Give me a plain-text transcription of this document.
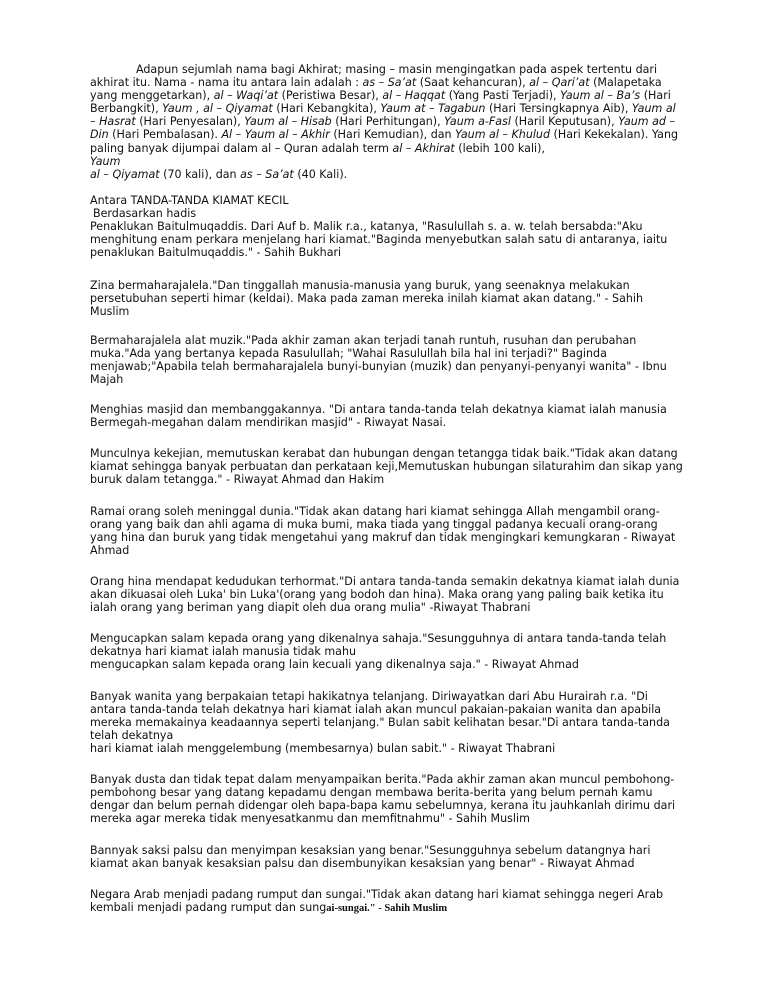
Adapun sejumlah nama bagi Akhirat; masing – masin mengingatkan pada aspek tertentu dari akhirat itu. Nama - nama itu antara lain adalah : as – Sa’at (Saat kehancuran), al – Qari’at (Malapetaka yang menggetarkan), al – Waqi’at (Peristiwa Besar), al – Haqqat (Yang Pasti Terjadi), Yaum al – Ba’s (Hari Berbangkit), Yaum , al – Qiyamat (Hari Kebangkita), Yaum at – Tagabun (Hari Tersingkapnya Aib), Yaum al – Hasrat (Hari Penyesalan), Yaum al – Hisab (Hari Perhitungan), Yaum a-Fasl (Haril Keputusan), Yaum ad – Din (Hari Pembalasan). Al – Yaum al – Akhir (Hari Kemudian), dan Yaum al – Khulud (Hari Kekekalan). Yang paling banyak dijumpai dalam al – Quran adalah term al – Akhirat (lebih 100 kali),
Yaum
al – Qiyamat (70 kali), dan as – Sa’at (40 Kali).
Antara TANDA-TANDA KIAMAT KECIL
Berdasarkan hadis

Penaklukan Baitulmuqaddis. Dari Auf b. Malik r.a., katanya, "Rasulullah s. a. w. telah bersabda:"Aku menghitung enam perkara menjelang hari kiamat."Baginda menyebutkan salah satu di antaranya, iaitu penaklukan Baitulmuqaddis." - Sahih Bukhari

Zina bermaharajalela."Dan tinggallah manusia-manusia yang buruk, yang seenaknya melakukan persetubuhan seperti himar (keldai). Maka pada zaman mereka inilah kiamat akan datang." - Sahih Muslim

Bermaharajalela alat muzik."Pada akhir zaman akan terjadi tanah runtuh, rusuhan dan perubahan muka."Ada yang bertanya kepada Rasulullah; "Wahai Rasulullah bila hal ini terjadi?" Baginda menjawab;"Apabila telah bermaharajalela bunyi-bunyian (muzik) dan penyanyi-penyanyi wanita" - Ibnu Majah

Menghias masjid dan membanggakannya. "Di antara tanda-tanda telah dekatnya kiamat ialah manusia Bermegah-megahan dalam mendirikan masjid" - Riwayat Nasai.

Munculnya kekejian, memutuskan kerabat dan hubungan dengan tetangga tidak baik."Tidak akan datang kiamat sehingga banyak perbuatan dan perkataan keji,Memutuskan hubungan silaturahim dan sikap yang buruk dalam tetangga." - Riwayat Ahmad dan Hakim

Ramai orang soleh meninggal dunia."Tidak akan datang hari kiamat sehingga Allah mengambil orang-orang yang baik dan ahli agama di muka bumi, maka tiada yang tinggal padanya kecuali orang-orang yang hina dan buruk yang tidak mengetahui yang makruf dan tidak mengingkari kemungkaran - Riwayat Ahmad

Orang hina mendapat kedudukan terhormat."Di antara tanda-tanda semakin dekatnya kiamat ialah dunia akan dikuasai oleh Luka' bin Luka'(orang yang bodoh dan hina). Maka orang yang paling baik ketika itu ialah orang yang beriman yang diapit oleh dua orang mulia" -Riwayat Thabrani

Mengucapkan salam kepada orang yang dikenalnya sahaja."Sesungguhnya di antara tanda-tanda telah dekatnya hari kiamat ialah manusia tidak mahu

mengucapkan salam kepada orang lain kecuali yang dikenalnya saja." - Riwayat Ahmad

Banyak wanita yang berpakaian tetapi hakikatnya telanjang. Diriwayatkan dari Abu Hurairah r.a. "Di antara tanda-tanda telah dekatnya hari kiamat ialah akan muncul pakaian-pakaian wanita dan apabila mereka memakainya keadaannya seperti telanjang." Bulan sabit kelihatan besar."Di antara tanda-tanda telah dekatnya

hari kiamat ialah menggelembung (membesarnya) bulan sabit." - Riwayat Thabrani

Banyak dusta dan tidak tepat dalam menyampaikan berita."Pada akhir zaman akan muncul pembohong-pembohong besar yang datang kepadamu dengan membawa berita-berita yang belum pernah kamu dengar dan belum pernah didengar oleh bapa-bapa kamu sebelumnya, kerana itu jauhkanlah dirimu dari mereka agar mereka tidak menyesatkanmu dan memfitnahmu" - Sahih Muslim

Bannyak saksi palsu dan menyimpan kesaksian yang benar."Sesungguhnya sebelum datangnya hari kiamat akan banyak kesaksian palsu dan disembunyikan kesaksian yang benar" - Riwayat Ahmad

Negara Arab menjadi padang rumput dan sungai."Tidak akan datang hari kiamat sehingga negeri Arab kembali menjadi padang rumput dan sungai-sungai." - Sahih Muslim
